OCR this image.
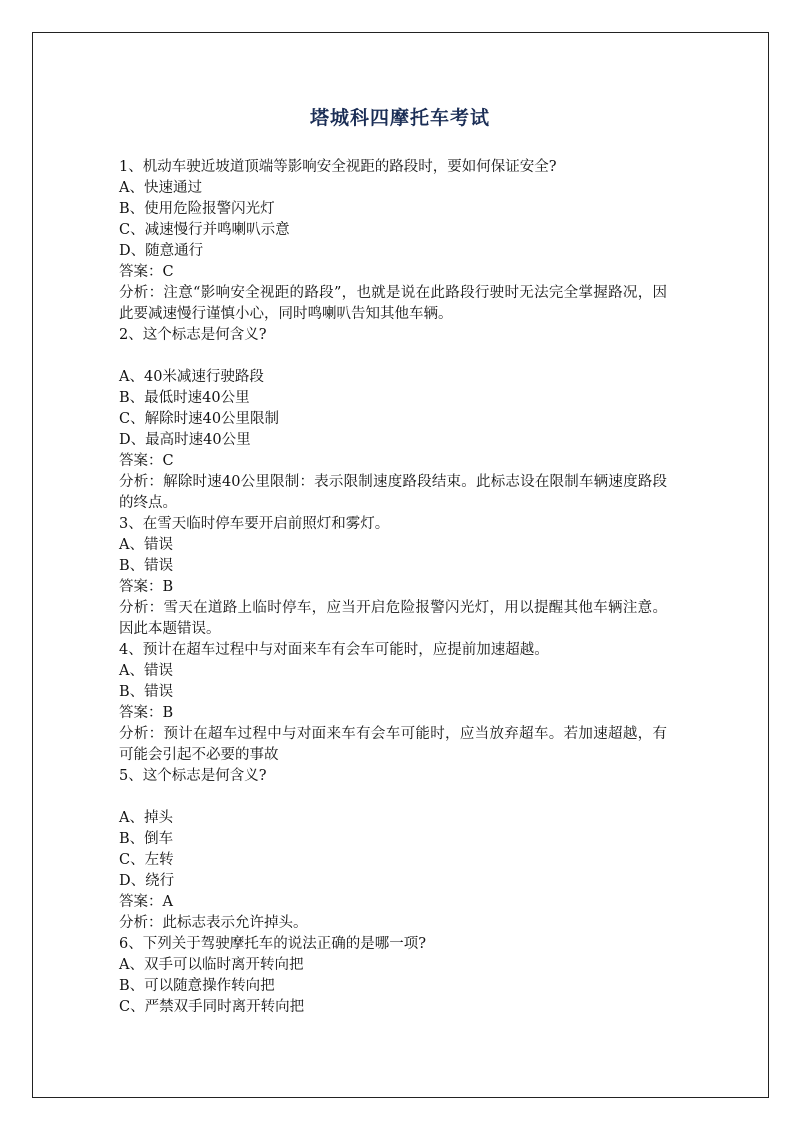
塔城科四摩托车考试

1、机动车驶近坡道顶端等影响安全视距的路段时，要如何保证安全?

A、快速通过

B、使用危险报警闪光灯

C、减速慢行并鸣喇叭示意

D、随意通行

答案：C

分析：注意“影响安全视距的路段”，也就是说在此路段行驶时无法完全掌握路况，因此要减速慢行谨慎小心，同时鸣喇叭告知其他车辆。

2、这个标志是何含义?

A、40米减速行驶路段

B、最低时速40公里

C、解除时速40公里限制

D、最高时速40公里

答案：C

分析：解除时速40公里限制：表示限制速度路段结束。此标志设在限制车辆速度路段的终点。

3、在雪天临时停车要开启前照灯和雾灯。

A、错误

B、错误

答案：B

分析：雪天在道路上临时停车，应当开启危险报警闪光灯，用以提醒其他车辆注意。因此本题错误。

4、预计在超车过程中与对面来车有会车可能时，应提前加速超越。

A、错误

B、错误

答案：B

分析：预计在超车过程中与对面来车有会车可能时，应当放弃超车。若加速超越，有可能会引起不必要的事故

5、这个标志是何含义?

A、掉头

B、倒车

C、左转

D、绕行

答案：A

分析：此标志表示允许掉头。

6、下列关于驾驶摩托车的说法正确的是哪一项?

A、双手可以临时离开转向把

B、可以随意操作转向把

C、严禁双手同时离开转向把
